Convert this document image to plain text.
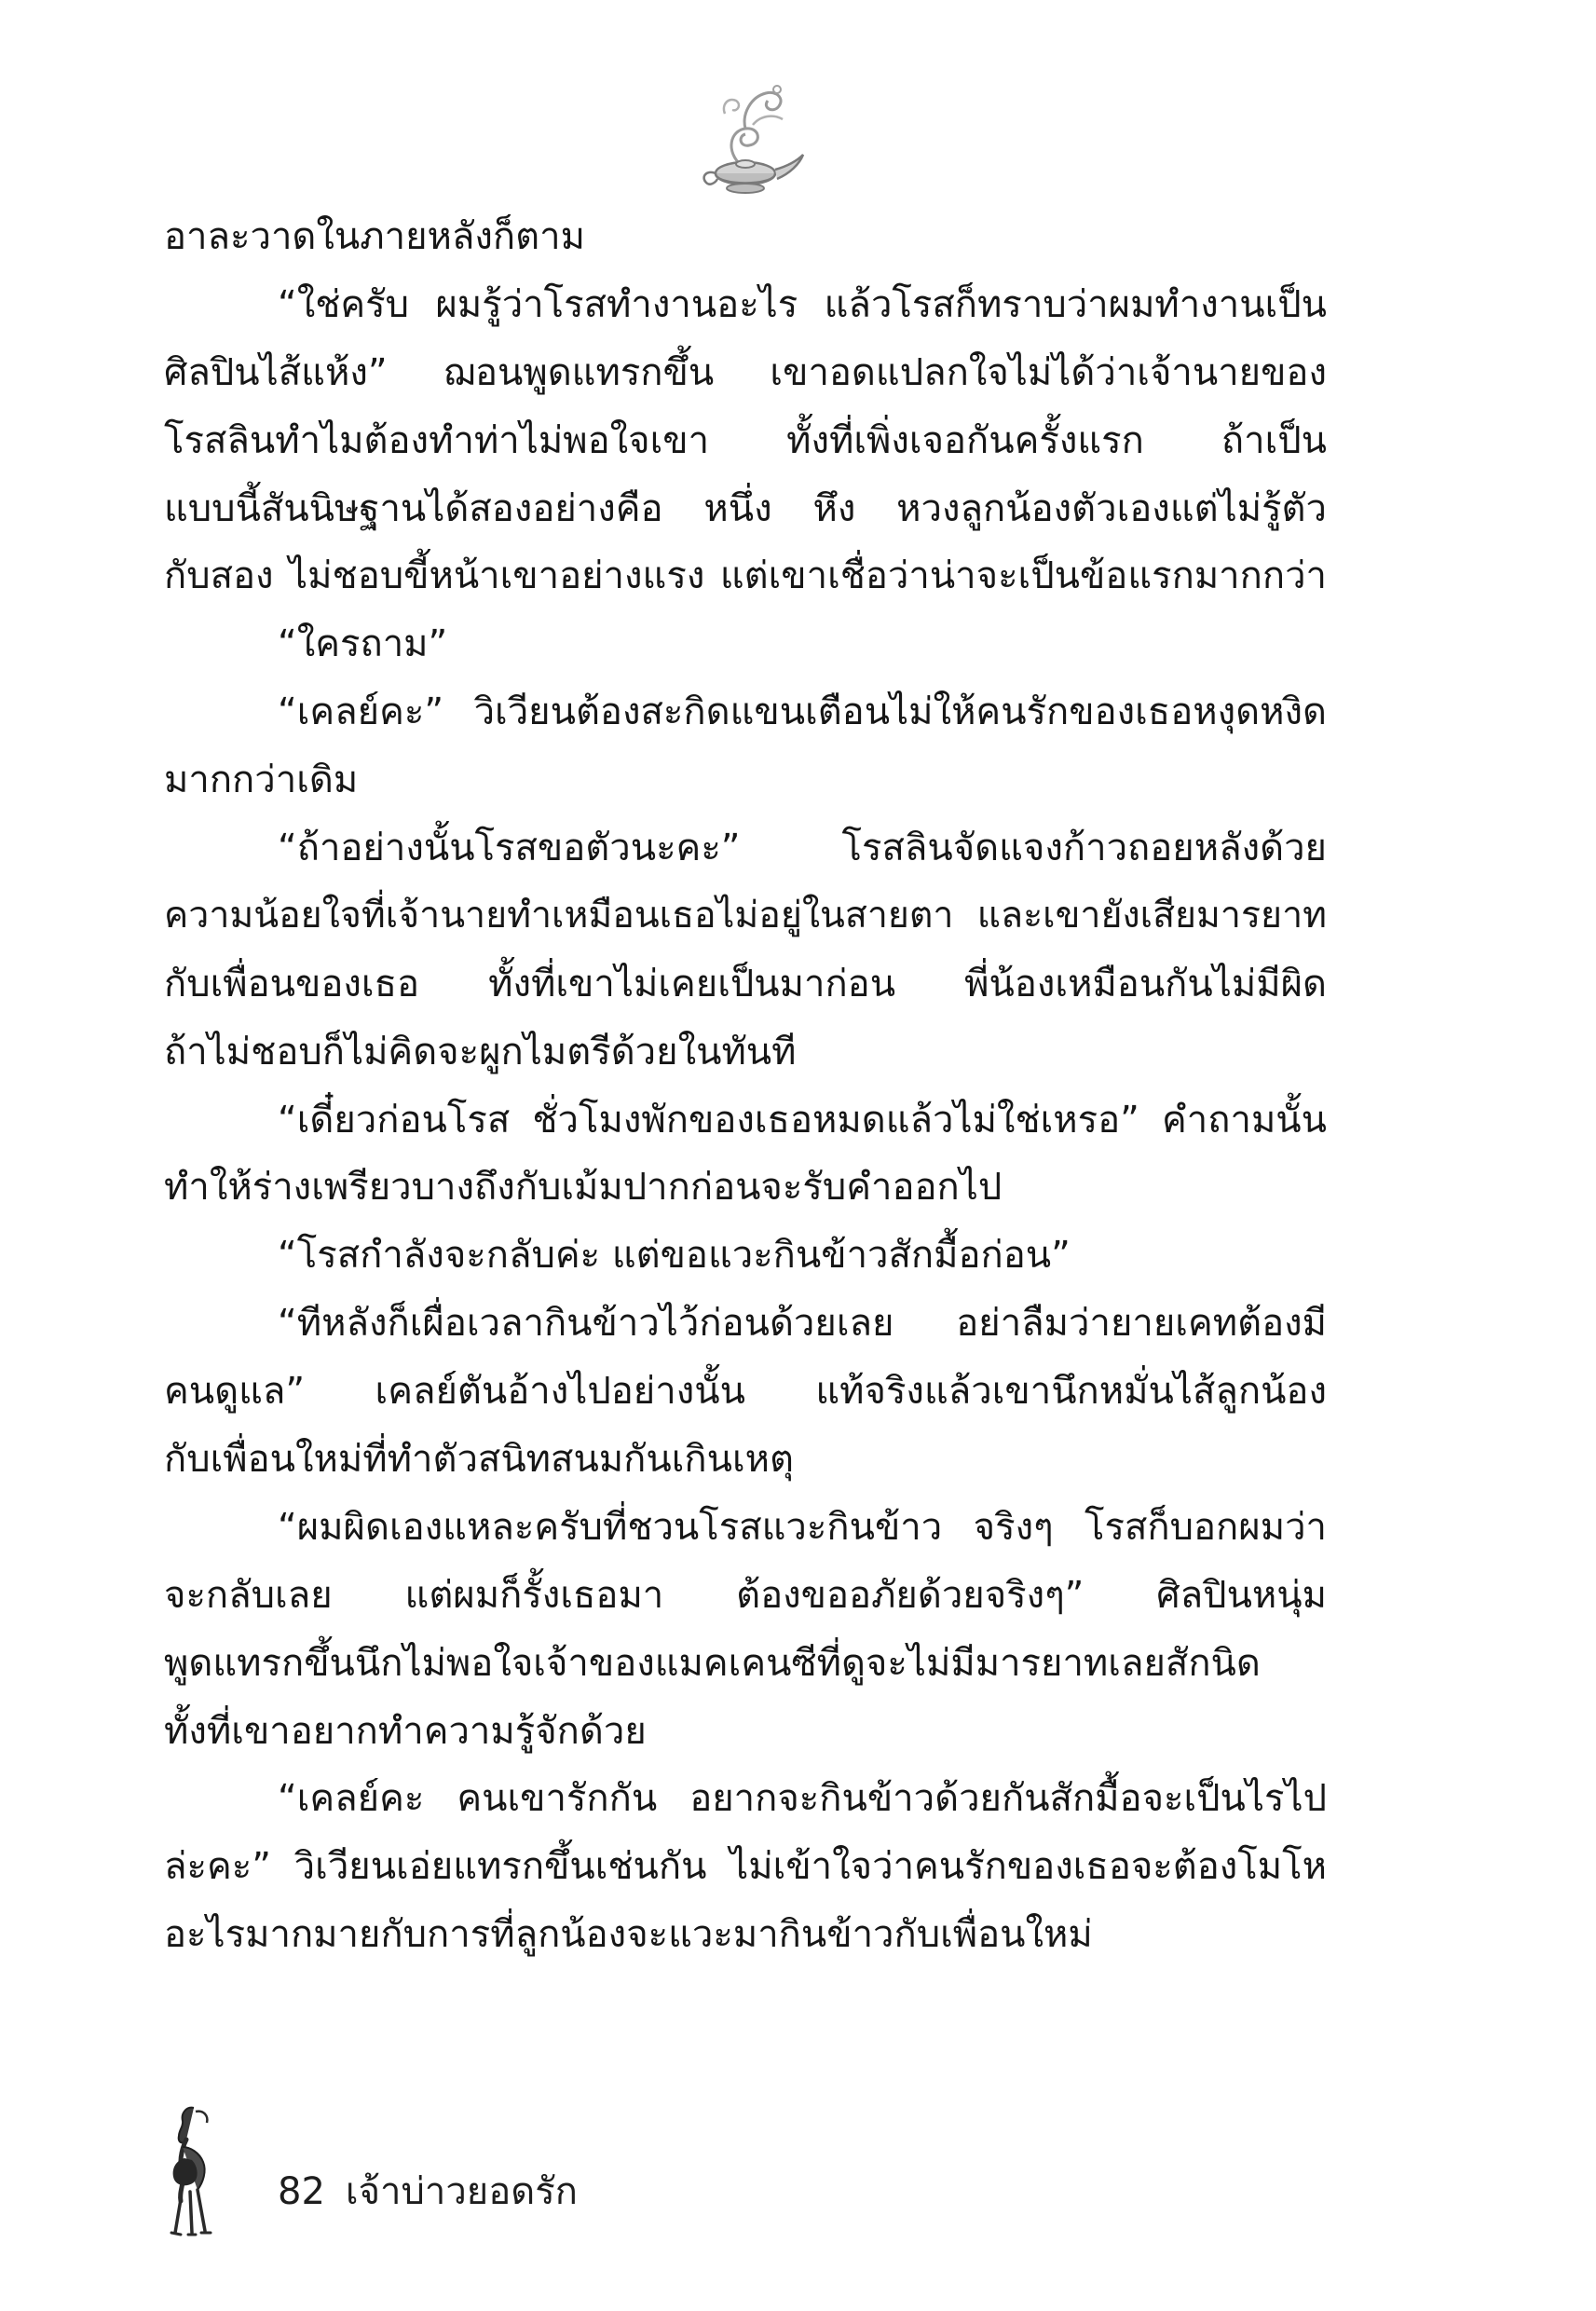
อาละวาดในภายหลังก็ตาม
“ใช่ครับ ผมรู้ว่าโรสทำงานอะไร แล้วโรสก็ทราบว่าผมทำงานเป็น
ศิลปินไส้แห้ง” ฌอนพูดแทรกขึ้น เขาอดแปลกใจไม่ได้ว่าเจ้านายของ
โรสลินทำไมต้องทำท่าไม่พอใจเขา ทั้งที่เพิ่งเจอกันครั้งแรก ถ้าเป็น
แบบนี้สันนิษฐานได้สองอย่างคือ หนึ่ง หึง หวงลูกน้องตัวเองแต่ไม่รู้ตัว
กับสอง ไม่ชอบขี้หน้าเขาอย่างแรง แต่เขาเชื่อว่าน่าจะเป็นข้อแรกมากกว่า
“ใครถาม”
“เคลย์คะ” วิเวียนต้องสะกิดแขนเตือนไม่ให้คนรักของเธอหงุดหงิด
มากกว่าเดิม
“ถ้าอย่างนั้นโรสขอตัวนะคะ” โรสลินจัดแจงก้าวถอยหลังด้วย
ความน้อยใจที่เจ้านายทำเหมือนเธอไม่อยู่ในสายตา และเขายังเสียมารยาท
กับเพื่อนของเธอ ทั้งที่เขาไม่เคยเป็นมาก่อน พี่น้องเหมือนกันไม่มีผิด
ถ้าไม่ชอบก็ไม่คิดจะผูกไมตรีด้วยในทันที
“เดี๋ยวก่อนโรส ชั่วโมงพักของเธอหมดแล้วไม่ใช่เหรอ” คำถามนั้น
ทำให้ร่างเพรียวบางถึงกับเม้มปากก่อนจะรับคำออกไป
“โรสกำลังจะกลับค่ะ แต่ขอแวะกินข้าวสักมื้อก่อน”
“ทีหลังก็เผื่อเวลากินข้าวไว้ก่อนด้วยเลย อย่าลืมว่ายายเคทต้องมี
คนดูแล” เคลย์ตันอ้างไปอย่างนั้น แท้จริงแล้วเขานึกหมั่นไส้ลูกน้อง
กับเพื่อนใหม่ที่ทำตัวสนิทสนมกันเกินเหตุ
“ผมผิดเองแหละครับที่ชวนโรสแวะกินข้าว จริงๆ โรสก็บอกผมว่า
จะกลับเลย แต่ผมก็รั้งเธอมา ต้องขออภัยด้วยจริงๆ” ศิลปินหนุ่ม
พูดแทรกขึ้นนึกไม่พอใจเจ้าของแมคเคนซีที่ดูจะไม่มีมารยาทเลยสักนิด
ทั้งที่เขาอยากทำความรู้จักด้วย
“เคลย์คะ คนเขารักกัน อยากจะกินข้าวด้วยกันสักมื้อจะเป็นไรไป
ล่ะคะ” วิเวียนเอ่ยแทรกขึ้นเช่นกัน ไม่เข้าใจว่าคนรักของเธอจะต้องโมโห
อะไรมากมายกับการที่ลูกน้องจะแวะมากินข้าวกับเพื่อนใหม่
82 เจ้าบ่าวยอดรัก
